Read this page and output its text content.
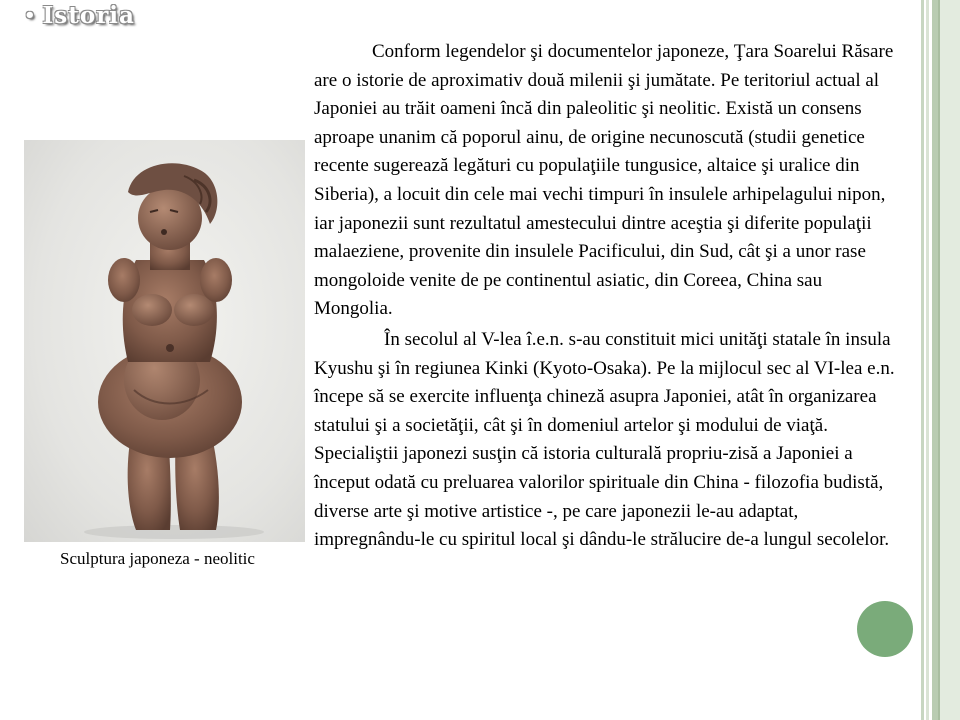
• Istoria
Sculptura japoneza - neolitic

Conform legendelor şi documentelor japoneze, Ţara Soarelui Răsare are o istorie de aproximativ două milenii şi jumătate. Pe teritoriul actual al Japoniei au trăit oameni încă din paleolitic şi neolitic. Există un consens aproape unanim că poporul ainu, de origine necunoscută (studii genetice recente sugerează legături cu populaţiile tungusice, altaice şi uralice din Siberia), a locuit din cele mai vechi timpuri în insulele arhipelagului nipon, iar japonezii sunt rezultatul amestecului dintre aceştia şi diferite populaţii malaeziene, provenite din insulele Pacificului, din Sud, cât şi a unor rase mongoloide venite de pe continentul asiatic, din Coreea, China sau Mongolia.

În secolul al V-lea î.e.n. s-au constituit mici unităţi statale în insula Kyushu şi în regiunea Kinki (Kyoto-Osaka). Pe la mijlocul sec al VI-lea e.n. începe să se exercite influenţa chineză asupra Japoniei, atât în organizarea statului şi a societăţii, cât şi în domeniul artelor şi modului de viaţă. Specialiştii japonezi susţin că istoria culturală propriu-zisă a Japoniei a început odată cu preluarea valorilor spirituale din China - filozofia budistă, diverse arte şi motive artistice -, pe care japonezii le-au adaptat, impregnându-le cu spiritul local şi dându-le strălucire de-a lungul secolelor.
